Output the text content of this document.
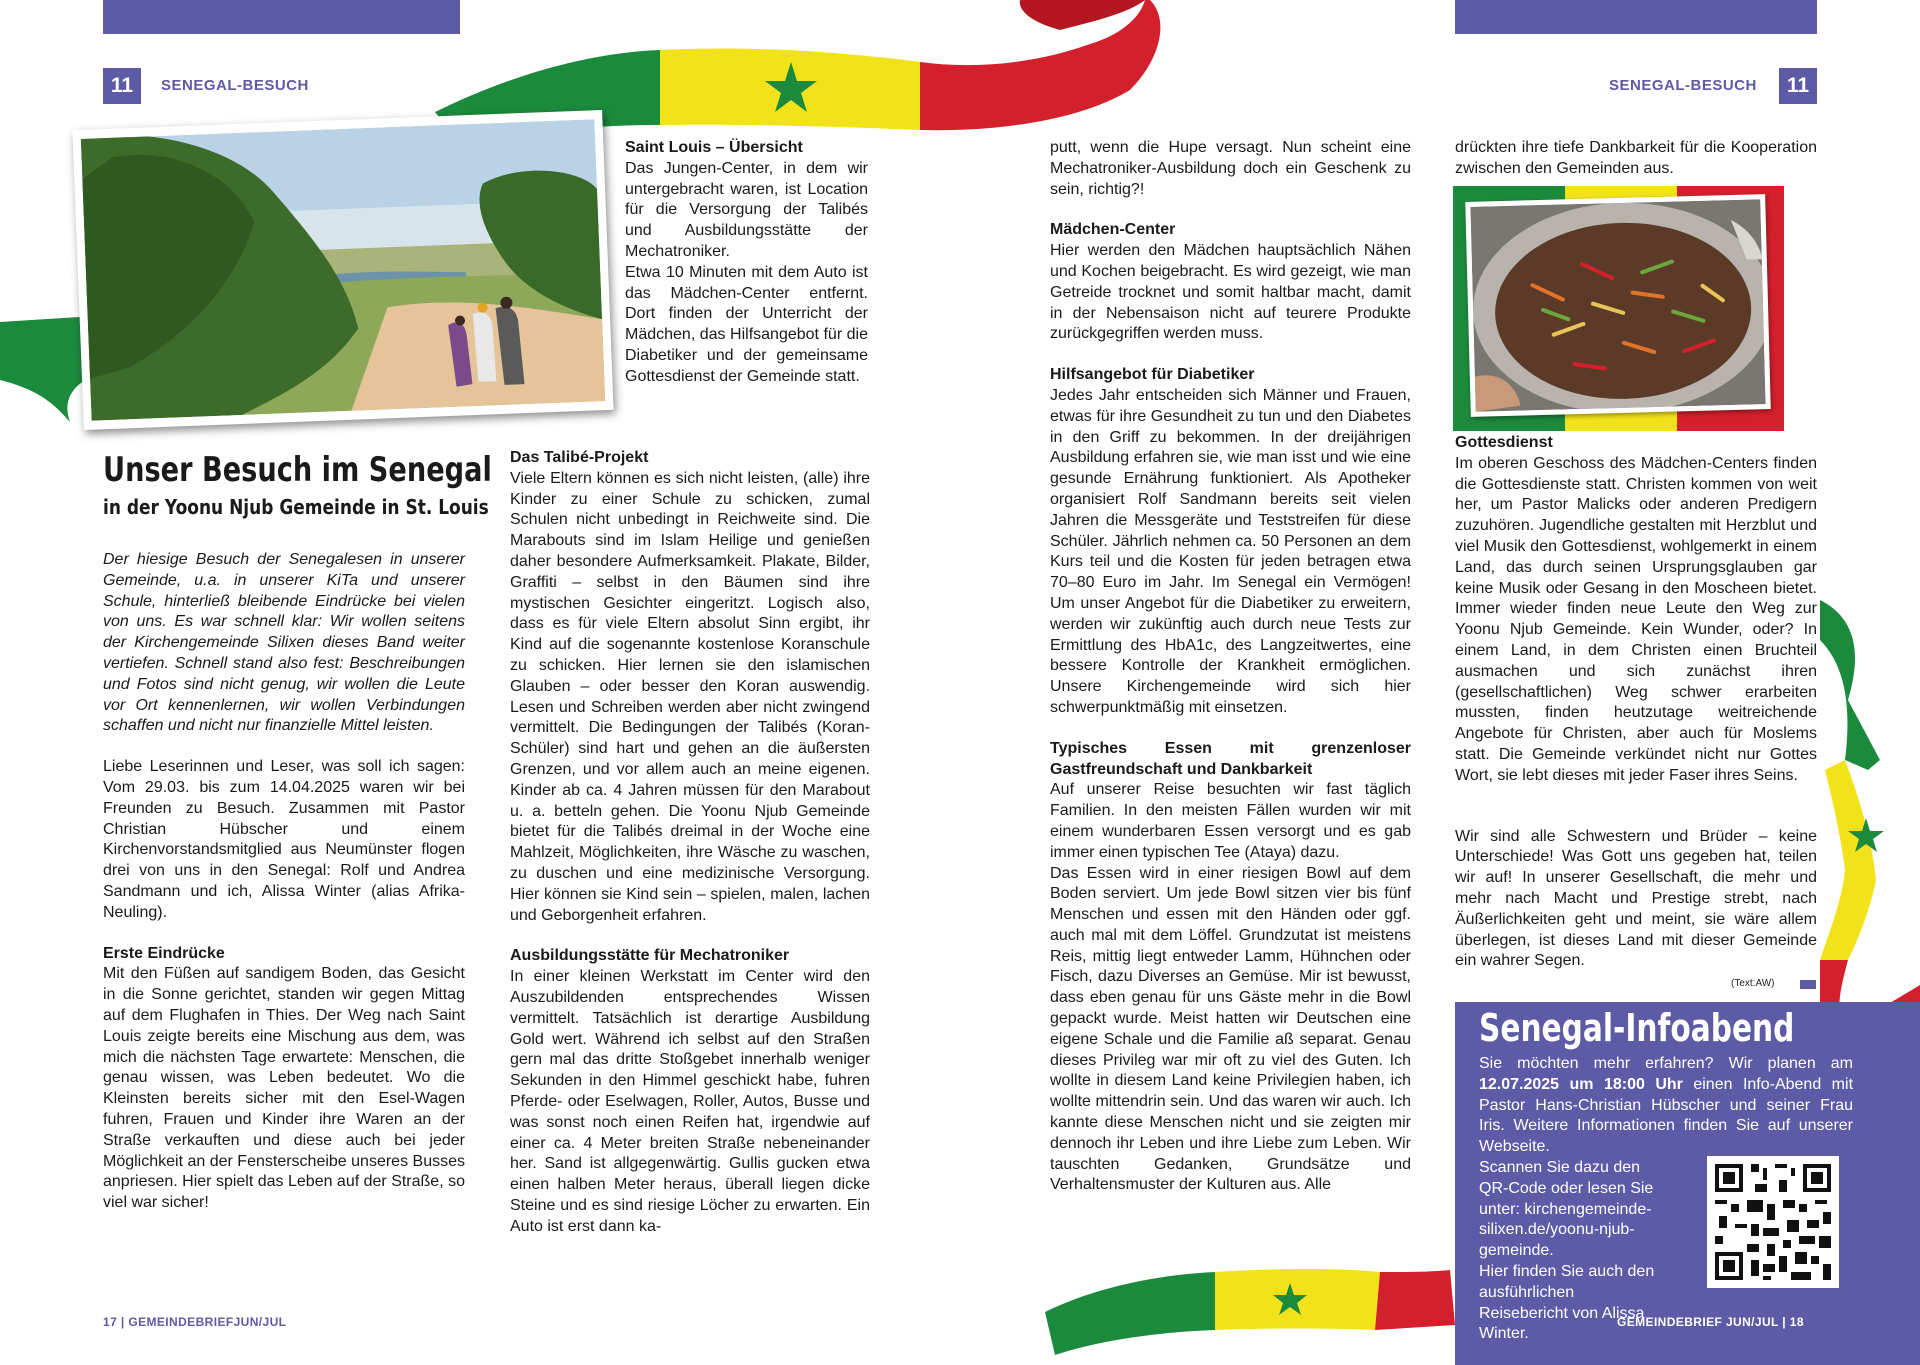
11	SENEGAL-BESUCH	SENEGAL-BESUCH	11
Saint Louis – Übersicht

Das Jungen-Center, in dem wir untergebracht waren, ist Location für die Versorgung der Talibés und Ausbildungsstätte der Mechatroniker.

Etwa 10 Minuten mit dem Auto ist das Mädchen-Center entfernt. Dort finden der Unterricht der Mädchen, das Hilfsangebot für die Diabetiker und der gemeinsame Gottesdienst der Gemeinde statt.

Unser Besuch im Senegal
in der Yoonu Njub Gemeinde in St. Louis

Der hiesige Besuch der Senegalesen in unserer Gemeinde, u.a. in unserer KiTa und unserer Schule, hinterließ bleibende Eindrücke bei vielen von uns. Es war schnell klar: Wir wollen seitens der Kirchengemeinde Silixen dieses Band weiter vertiefen. Schnell stand also fest: Beschreibungen und Fotos sind nicht genug, wir wollen die Leute vor Ort kennenlernen, wir wollen Verbindungen schaffen und nicht nur finanzielle Mittel leisten.

Liebe Leserinnen und Leser, was soll ich sagen: Vom 29.03. bis zum 14.04.2025 waren wir bei Freunden zu Besuch. Zusammen mit Pastor Christian Hübscher und einem Kirchenvorstandsmitglied aus Neumünster flogen drei von uns in den Senegal: Rolf und Andrea Sandmann und ich, Alissa Winter (alias Afrika-Neuling).

Erste Eindrücke

Mit den Füßen auf sandigem Boden, das Gesicht in die Sonne gerichtet, standen wir gegen Mittag auf dem Flughafen in Thies. Der Weg nach Saint Louis zeigte bereits eine Mischung aus dem, was mich die nächsten Tage erwartete: Menschen, die genau wissen, was Leben bedeutet. Wo die Kleinsten bereits sicher mit den Esel-Wagen fuhren, Frauen und Kinder ihre Waren an der Straße verkauften und diese auch bei jeder Möglichkeit an der Fensterscheibe unseres Busses anpriesen. Hier spielt das Leben auf der Straße, so viel war sicher!

Das Talibé-Projekt

Viele Eltern können es sich nicht leisten, (alle) ihre Kinder zu einer Schule zu schicken, zumal Schulen nicht unbedingt in Reichweite sind. Die Marabouts sind im Islam Heilige und genießen daher besondere Aufmerksamkeit. Plakate, Bilder, Graffiti – selbst in den Bäumen sind ihre mystischen Gesichter eingeritzt. Logisch also, dass es für viele Eltern absolut Sinn ergibt, ihr Kind auf die sogenannte kostenlose Koranschule zu schicken. Hier lernen sie den islamischen Glauben – oder besser den Koran auswendig. Lesen und Schreiben werden aber nicht zwingend vermittelt. Die Bedingungen der Talibés (Koran-Schüler) sind hart und gehen an die äußersten Grenzen, und vor allem auch an meine eigenen. Kinder ab ca. 4 Jahren müssen für den Marabout u. a. betteln gehen. Die Yoonu Njub Gemeinde bietet für die Talibés dreimal in der Woche eine Mahlzeit, Möglichkeiten, ihre Wäsche zu waschen, zu duschen und eine medizinische Versorgung. Hier können sie Kind sein – spielen, malen, lachen und Geborgenheit erfahren.

Ausbildungsstätte für Mechatroniker

In einer kleinen Werkstatt im Center wird den Auszubildenden entsprechendes Wissen vermittelt. Tatsächlich ist derartige Ausbildung Gold wert. Während ich selbst auf den Straßen gern mal das dritte Stoßgebet innerhalb weniger Sekunden in den Himmel geschickt habe, fuhren Pferde- oder Eselwagen, Roller, Autos, Busse und was sonst noch einen Reifen hat, irgendwie auf einer ca. 4 Meter breiten Straße nebeneinander her. Sand ist allgegenwärtig. Gullis gucken etwa einen halben Meter heraus, überall liegen dicke Steine und es sind riesige Löcher zu erwarten. Ein Auto ist erst dann ka-

17 | GEMEINDEBRIEFJUN/JUL

putt, wenn die Hupe versagt. Nun scheint eine Mechatroniker-Ausbildung doch ein Geschenk zu sein, richtig?!

Mädchen-Center

Hier werden den Mädchen hauptsächlich Nähen und Kochen beigebracht. Es wird gezeigt, wie man Getreide trocknet und somit haltbar macht, damit in der Nebensaison nicht auf teurere Produkte zurückgegriffen werden muss.

Hilfsangebot für Diabetiker

Jedes Jahr entscheiden sich Männer und Frauen, etwas für ihre Gesundheit zu tun und den Diabetes in den Griff zu bekommen. In der dreijährigen Ausbildung erfahren sie, wie man isst und wie eine gesunde Ernährung funktioniert. Als Apotheker organisiert Rolf Sandmann bereits seit vielen Jahren die Messgeräte und Teststreifen für diese Schüler. Jährlich nehmen ca. 50 Personen an dem Kurs teil und die Kosten für jeden betragen etwa 70–80 Euro im Jahr. Im Senegal ein Vermögen! Um unser Angebot für die Diabetiker zu erweitern, werden wir zukünftig auch durch neue Tests zur Ermittlung des HbA1c, des Langzeitwertes, eine bessere Kontrolle der Krankheit ermöglichen. Unsere Kirchengemeinde wird sich hier schwerpunktmäßig mit einsetzen.

Typisches Essen mit grenzenloser Gastfreundschaft und Dankbarkeit

Auf unserer Reise besuchten wir fast täglich Familien. In den meisten Fällen wurden wir mit einem wunderbaren Essen versorgt und es gab immer einen typischen Tee (Ataya) dazu.

Das Essen wird in einer riesigen Bowl auf dem Boden serviert. Um jede Bowl sitzen vier bis fünf Menschen und essen mit den Händen oder ggf. auch mal mit dem Löffel. Grundzutat ist meistens Reis, mittig liegt entweder Lamm, Hühnchen oder Fisch, dazu Diverses an Gemüse. Mir ist bewusst, dass eben genau für uns Gäste mehr in die Bowl gepackt wurde. Meist hatten wir Deutschen eine eigene Schale und die Familie aß separat. Genau dieses Privileg war mir oft zu viel des Guten. Ich wollte in diesem Land keine Privilegien haben, ich wollte mittendrin sein. Und das waren wir auch. Ich kannte diese Menschen nicht und sie zeigten mir dennoch ihr Leben und ihre Liebe zum Leben. Wir tauschten Gedanken, Grundsätze und Verhaltensmuster der Kulturen aus. Alle

drückten ihre tiefe Dankbarkeit für die Kooperation zwischen den Gemeinden aus.

Gottesdienst

Im oberen Geschoss des Mädchen-Centers finden die Gottesdienste statt. Christen kommen von weit her, um Pastor Malicks oder anderen Predigern zuzuhören. Jugendliche gestalten mit Herzblut und viel Musik den Gottesdienst, wohlgemerkt in einem Land, das durch seinen Ursprungsglauben gar keine Musik oder Gesang in den Moscheen bietet. Immer wieder finden neue Leute den Weg zur Yoonu Njub Gemeinde. Kein Wunder, oder? In einem Land, in dem Christen einen Bruchteil ausmachen und sich zunächst ihren (gesellschaftlichen) Weg schwer erarbeiten mussten, finden heutzutage weitreichende Angebote für Christen, aber auch für Moslems statt. Die Gemeinde verkündet nicht nur Gottes Wort, sie lebt dieses mit jeder Faser ihres Seins.

Wir sind alle Schwestern und Brüder – keine Unterschiede! Was Gott uns gegeben hat, teilen wir auf! In unserer Gesellschaft, die mehr und mehr nach Macht und Prestige strebt, nach Äußerlichkeiten geht und meint, sie wäre allem überlegen, ist dieses Land mit dieser Gemeinde ein wahrer Segen.

(Text:AW)
Senegal-Infoabend
Sie möchten mehr erfahren? Wir planen am 12.07.2025 um 18:00 Uhr einen Info-Abend mit Pastor Hans-Christian Hübscher und seiner Frau Iris. Weitere Informationen finden Sie auf unserer Webseite.

Scannen Sie dazu den QR-Code oder lesen Sie unter: kirchengemeinde-silixen.de/yoonu-njub-gemeinde.

Hier finden Sie auch den ausführlichen Reisebericht von Alissa Winter.

GEMEINDEBRIEF JUN/JUL | 18
